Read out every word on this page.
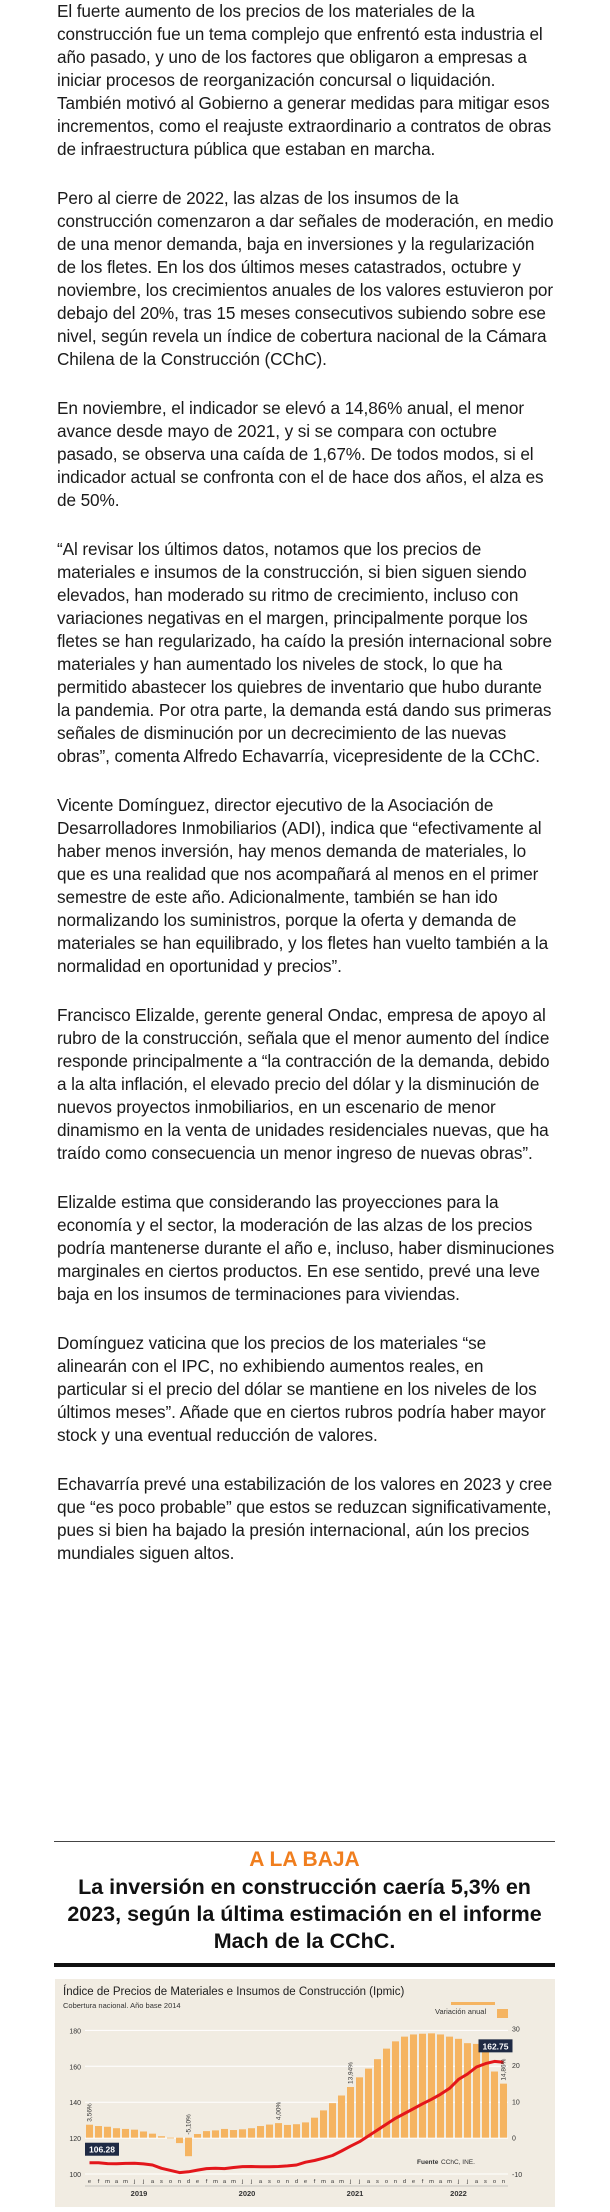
El fuerte aumento de los precios de los materiales de la construcción fue un tema complejo que enfrentó esta industria el año pasado, y uno de los factores que obligaron a empresas a iniciar procesos de reorganización concursal o liquidación. También motivó al Gobierno a generar medidas para mitigar esos incrementos, como el reajuste extraordinario a contratos de obras de infraestructura pública que estaban en marcha.

Pero al cierre de 2022, las alzas de los insumos de la construcción comenzaron a dar señales de moderación, en medio de una menor demanda, baja en inversiones y la regularización de los fletes. En los dos últimos meses catastrados, octubre y noviembre, los crecimientos anuales de los valores estuvieron por debajo del 20%, tras 15 meses consecutivos subiendo sobre ese nivel, según revela un índice de cobertura nacional de la Cámara Chilena de la Construcción (CChC).

En noviembre, el indicador se elevó a 14,86% anual, el menor avance desde mayo de 2021, y si se compara con octubre pasado, se observa una caída de 1,67%. De todos modos, si el indicador actual se confronta con el de hace dos años, el alza es de 50%.

“Al revisar los últimos datos, notamos que los precios de materiales e insumos de la construcción, si bien siguen siendo elevados, han moderado su ritmo de crecimiento, incluso con variaciones negativas en el margen, principalmente porque los fletes se han regularizado, ha caído la presión internacional sobre materiales y han aumentado los niveles de stock, lo que ha permitido abastecer los quiebres de inventario que hubo durante la pandemia. Por otra parte, la demanda está dando sus primeras señales de disminución por un decrecimiento de las nuevas obras”, comenta Alfredo Echavarría, vicepresidente de la CChC.

Vicente Domínguez, director ejecutivo de la Asociación de Desarrolladores Inmobiliarios (ADI), indica que “efectivamente al haber menos inversión, hay menos demanda de materiales, lo que es una realidad que nos acompañará al menos en el primer semestre de este año. Adicionalmente, también se han ido normalizando los suministros, porque la oferta y demanda de materiales se han equilibrado, y los fletes han vuelto también a la normalidad en oportunidad y precios”.

Francisco Elizalde, gerente general Ondac, empresa de apoyo al rubro de la construcción, señala que el menor aumento del índice responde principalmente a “la contracción de la demanda, debido a la alta inflación, el elevado precio del dólar y la disminución de nuevos proyectos inmobiliarios, en un escenario de menor dinamismo en la venta de unidades residenciales nuevas, que ha traído como consecuencia un menor ingreso de nuevas obras”.

Elizalde estima que considerando las proyecciones para la economía y el sector, la moderación de las alzas de los precios podría mantenerse durante el año e, incluso, haber disminuciones marginales en ciertos productos. En ese sentido, prevé una leve baja en los insumos de terminaciones para viviendas.

Domínguez vaticina que los precios de los materiales “se alinearán con el IPC, no exhibiendo aumentos reales, en particular si el precio del dólar se mantiene en los niveles de los últimos meses”. Añade que en ciertos rubros podría haber mayor stock y una eventual reducción de valores.

Echavarría prevé una estabilización de los valores en 2023 y cree que “es poco probable” que estos se reduzcan significativamente, pues si bien ha bajado la presión internacional, aún los precios mundiales siguen altos.

A LA BAJA
La inversión en construcción caería 5,3% en 2023, según la última estimación en el informe Mach de la CChC.
Índice de Precios de Materiales e Insumos de Construcción (Ipmic)
Cobertura nacional. Año base 2014
Variación anual
100
120
140
160
180
-10
0
10
20
30
3,56%
-5,10%
4,00%
13,94%	14,86%
106.28
162.75
e f m a m j j a s o n d e f m a m j j a s o n d e f m a m j j a s o n d e f m a m j j a s o n
2019	2020	2021	2022
Fuente CChC, INE.
